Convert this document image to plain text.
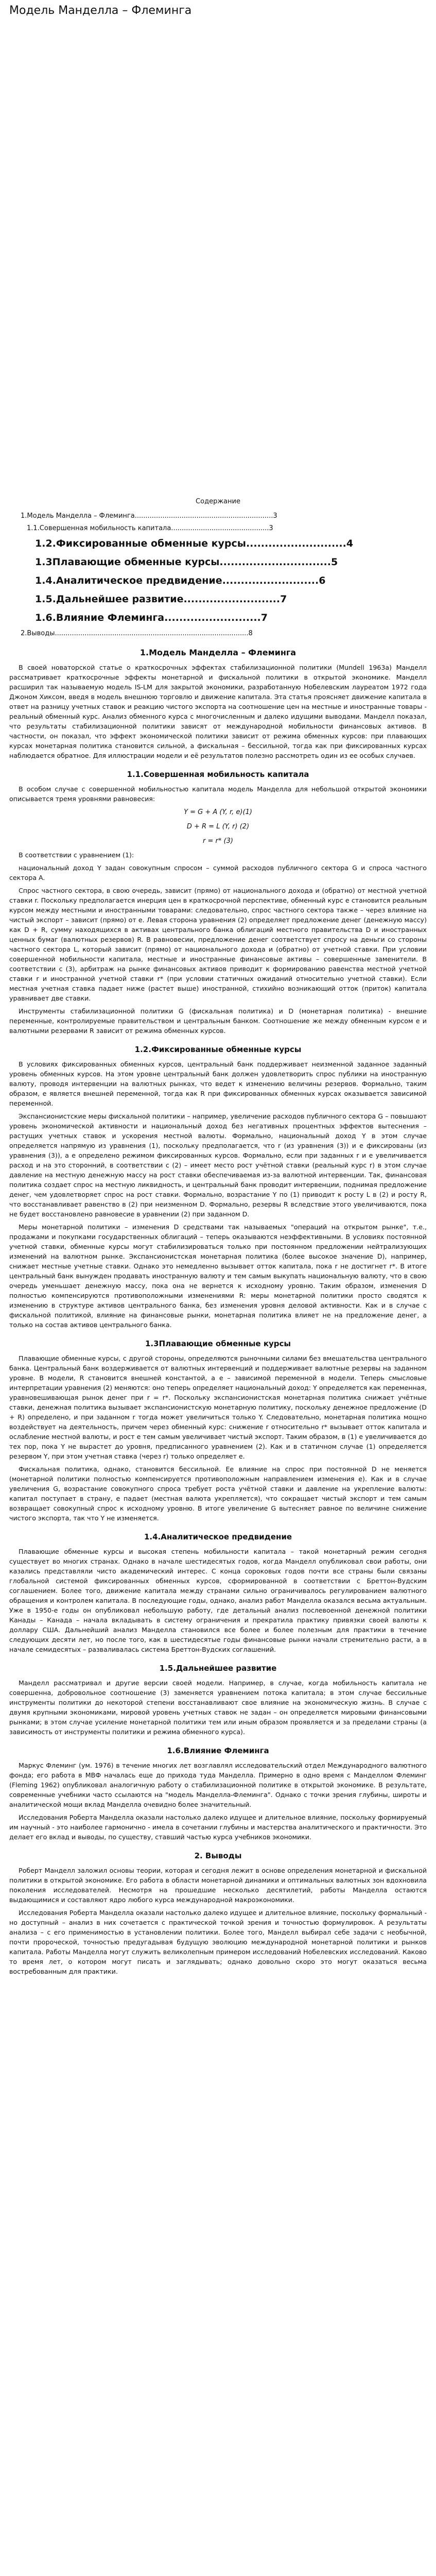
Модель Манделла – Флеминга
Содержание
1.Модель Манделла – Флеминга.................................................................3
1.1.Совершенная мобильность капитала..............................................3
1.2.Фиксированные обменные курсы...........................4
1.3Плавающие обменные курсы..............................5
1.4.Аналитическое предвидение..........................6
1.5.Дальнейшее развитие..........................7
1.6.Влияние Флеминга..........................7
2.Выводы...........................................................................................8
1.Модель Манделла – Флеминга

В своей новаторской статье о краткосрочных эффектах стабилизационной политики (Mundell 1963a) Манделл рассматривает краткосрочные эффекты монетарной и фискальной политики в открытой экономике. Манделл расширил так называемую модель IS-LM для закрытой экономики, разработанную Нобелевским лауреатом 1972 года Джоном Хиксом, введя в модель внешнюю торговлю и движение капитала. Эта статья проясняет движение капитала в ответ на разницу учетных ставок и реакцию чистого экспорта на соотношение цен на местные и иностранные товары - реальный обменный курс. Анализ обменного курса с многочисленным и далеко идущими выводами. Манделл показал, что результаты стабилизационной политики зависят от международной мобильности финансовых активов. В частности, он показал, что эффект экономической политики зависит от режима обменных курсов: при плавающих курсах монетарная политика становится сильной, а фискальная – бессильной, тогда как при фиксированных курсах наблюдается обратное. Для иллюстрации модели и её результатов полезно рассмотреть один из ее особых случаев.

1.1.Совершенная мобильность капитала

В особом случае с совершенной мобильностью капитала модель Манделла для небольшой открытой экономики описывается тремя уровнями равновесия:

Y = G + A (Y, r, e)(1)
D + R = L (Y, r) (2)
r = r* (3)

В соответствии с уравнением (1):

национальный доход Y задан совокупным спросом – суммой расходов публичного сектора G и спроса частного сектора A.

Спрос частного сектора, в свою очередь, зависит (прямо) от национального дохода и (обратно) от местной учетной ставки r. Поскольку предполагается инерция цен в краткосрочной перспективе, обменный курс e становится реальным курсом между местными и иностранными товарами: следовательно, спрос частного сектора также – через влияние на чистый экспорт – зависит (прямо) от e. Левая сторона уравнения (2) определяет предложение денег (денежную массу) как D + R, сумму находящихся в активах центрального банка облигаций местного правительства D и иностранных ценных бумаг (валютных резервов) R. В равновесии, предложение денег соответствует спросу на деньги со стороны частного сектора L, который зависит (прямо) от национального дохода и (обратно) от учетной ставки. При условии совершенной мобильности капитала, местные и иностранные финансовые активы – совершенные заменители. В соответствии с (3), арбитраж на рынке финансовых активов приводит к формированию равенства местной учетной ставки r и иностранной учетной ставки r* (при условии статичных ожиданий относительно учетной ставки). Если местная учетная ставка падает ниже (растет выше) иностранной, стихийно возникающий отток (приток) капитала уравнивает две ставки.

Инструменты стабилизационной политики G (фискальная политика) и D (монетарная политика) - внешние переменные, контролируемые правительством и центральным банком. Соотношение же между обменным курсом e и валютными резервами R зависит от режима обменных курсов.

1.2.Фиксированные обменные курсы

В условиях фиксированных обменных курсов, центральный банк поддерживает неизменной заданное заданный уровень обменных курсов. На этом уровне центральный банк должен удовлетворить спрос публики на иностранную валюту, проводя интервенции на валютных рынках, что ведет к изменению величины резервов. Формально, таким образом, e является внешней переменной, тогда как R при фиксированных обменных курсах оказывается зависимой переменной.

Экспансионистские меры фискальной политики – например, увеличение расходов публичного сектора G – повышают уровень экономической активности и национальный доход без негативных процентных эффектов вытеснения – растущих учетных ставок и ускорения местной валюты. Формально, национальный доход Y в этом случае определяется напрямую из уравнения (1), поскольку предполагается, что r (из уравнения (3)) и e фиксированы (из уравнения (3)), а e определено режимом фиксированных курсов. Формально, если при заданных r и e увеличивается расход и на это сторонний, в соответствии с (2) – имеет место рост учётной ставки (реальный курс r) в этом случае давление на местную денежную массу на рост ставки обеспечиваемая из-за валютной интервенции. Так, финансовая политика создает спрос на местную ликвидность, и центральный банк проводит интервенции, поднимая предложение денег, чем удовлетворяет спрос на рост ставки. Формально, возрастание Y по (1) приводит к росту L в (2) и росту R, что восстанавливает равенство в (2) при неизменном D. Формально, резервы R вследствие этого увеличиваются, пока не будет восстановлено равновесие в уравнении (2) при заданном D.

Меры монетарной политики – изменения D средствами так называемых "операций на открытом рынке", т.е., продажами и покупками государственных облигаций – теперь оказываются неэффективными. В условиях постоянной учетной ставки, обменные курсы могут стабилизироваться только при постоянном предложении нейтрализующих изменений на валютном рынке. Экспансионистская монетарная политика (более высокое значение D), например, снижает местные учетные ставки. Однако это немедленно вызывает отток капитала, пока r не достигнет r*. В итоге центральный банк вынужден продавать иностранную валюту и тем самым выкупать национальную валюту, что в свою очередь уменьшает денежную массу, пока она не вернется к исходному уровню. Таким образом, изменения D полностью компенсируются противоположными изменениями R: меры монетарной политики просто сводятся к изменению в структуре активов центрального банка, без изменения уровня деловой активности. Как и в случае с фискальной политикой, влияние на финансовые рынки, монетарная политика влияет не на предложение денег, а только на состав активов центрального банка.

1.3Плавающие обменные курсы

Плавающие обменные курсы, с другой стороны, определяются рыночными силами без вмешательства центрального банка. Центральный банк воздерживается от валютных интервенций и поддерживает валютные резервы на заданном уровне. В модели, R становится внешней константой, а e – зависимой переменной в модели. Теперь смысловые интерпретации уравнения (2) меняются: оно теперь определяет национальный доход: Y определяется как переменная, уравновешивающая рынок денег при r = r*. Поскольку экспансионистская монетарная политика снижает учётные ставки, денежная политика вызывает экспансионистскую монетарную политику, поскольку денежное предложение (D + R) определено, и при заданном r тогда может увеличиться только Y. Следовательно, монетарная политика мощно воздействует на деятельность, причем через обменный курс: снижение r относительно r* вызывает отток капитала и ослабление местной валюты, и рост e тем самым увеличивает чистый экспорт. Таким образом, в (1) e увеличивается до тех пор, пока Y не вырастет до уровня, предписанного уравнением (2). Как и в статичном случае (1) определяется резервом Y, при этом учетная ставка (через r) только определяет e.

Фискальная политика, однако, становится бессильной. Ее влияние на спрос при постоянной D не меняется (монетарной политики полностью компенсируется противоположным направлением изменения e). Как и в случае увеличения G, возрастание совокупного спроса требует роста учётной ставки и давление на укрепление валюты: капитал поступает в страну, e падает (местная валюта укрепляется), что сокращает чистый экспорт и тем самым возвращает совокупный спрос к исходному уровню. В итоге увеличение G вытесняет равное по величине снижение чистого экспорта, так что Y не изменяется.

1.4.Аналитическое предвидение

Плавающие обменные курсы и высокая степень мобильности капитала – такой монетарный режим сегодня существует во многих странах. Однако в начале шестидесятых годов, когда Манделл опубликовал свои работы, они казались представляли чисто академический интерес. С конца сороковых годов почти все страны были связаны глобальной системой фиксированных обменных курсов, сформированной в соответствии с Бреттон-Вудским соглашением. Более того, движение капитала между странами сильно ограничивалось регулированием валютного обращения и контролем капитала. В последующие годы, однако, анализ работ Манделла оказался весьма актуальным. Уже в 1950-е годы он опубликовал небольшую работу, где детальный анализ послевоенной денежной политики Канады – Канада – начала вкладывать в систему ограничения и прекратила практику привязки своей валюты к доллару США. Дальнейший анализ Манделла становился все более и более полезным для практики в течение следующих десяти лет, но после того, как в шестидесятые годы финансовые рынки начали стремительно расти, а в начале семидесятых – разваливалась система Бреттон-Вудских соглашений.

1.5.Дальнейшее развитие

Манделл рассматривал и другие версии своей модели. Например, в случае, когда мобильность капитала не совершенна, добровольное соотношение (3) заменяется уравнением потока капитала; в этом случае бессильные инструменты политики до некоторой степени восстанавливают свое влияние на экономическую жизнь. В случае с двумя крупными экономиками, мировой уровень учетных ставок не задан – он определяется мировыми финансовыми рынками; в этом случае усиление монетарной политики тем или иным образом проявляется и за пределами страны (а зависимость от инструменты политики и режима обменного курса).

1.6.Влияние Флеминга

Маркус Флеминг (ум. 1976) в течение многих лет возглавлял исследовательский отдел Международного валютного фонда; его работа в МВФ началась еще до прихода туда Манделла. Примерно в одно время с Манделлом Флеминг (Fleming 1962) опубликовал аналогичную работу о стабилизационной политике в открытой экономике. В результате, современные учебники часто ссылаются на "модель Манделла-Флеминга". Однако с точки зрения глубины, широты и аналитической мощи вклад Манделла очевидно более значительный.

Исследования Роберта Манделла оказали настолько далеко идущее и длительное влияние, поскольку формируемый им научный - это наиболее гармонично - имела в сочетании глубины и мастерства аналитического и практичности. Это делает его вклад и выводы, по существу, ставший частью курса учебников экономики.

2. Выводы

Роберт Манделл заложил основы теории, которая и сегодня лежит в основе определения монетарной и фискальной политики в открытой экономике. Его работа в области монетарной динамики и оптимальных валютных зон вдохновила поколения исследователей. Несмотря на прошедшие несколько десятилетий, работы Манделла остаются выдающимися и составляют ядро любого курса международной макроэкономики.

Исследования Роберта Манделла оказали настолько далеко идущее и длительное влияние, поскольку формальный - но доступный – анализ в них сочетается с практической точкой зрения и точностью формулировок. А результаты анализа – с его применимостью в установлении политики. Более того, Манделл выбирал себе задачи с необычной, почти пророческой, точностью предугадывая будущую эволюцию международной монетарной политики и рынков капитала. Работы Манделла могут служить великолепным примером исследований Нобелевских исследований. Каково то время лет, о котором могут писать и заглядывать; однако довольно скоро это могут оказаться весьма востребованным для практики.
